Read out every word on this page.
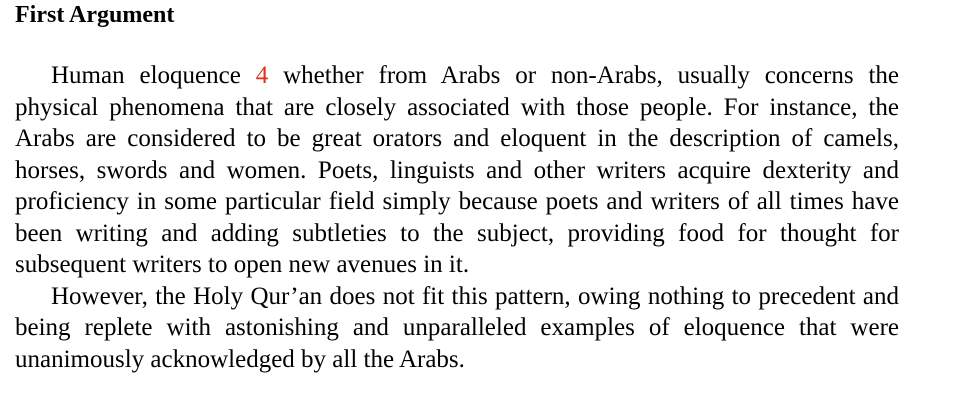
First Argument

Human eloquence 4 whether from Arabs or non-Arabs, usually concerns the physical phenomena that are closely associated with those people. For instance, the Arabs are considered to be great orators and eloquent in the description of camels, horses, swords and women. Poets, linguists and other writers acquire dexterity and proficiency in some particular field simply because poets and writers of all times have been writing and adding subtleties to the subject, providing food for thought for subsequent writers to open new avenues in it.

However, the Holy Qur’an does not fit this pattern, owing nothing to precedent and being replete with astonishing and unparalleled examples of eloquence that were unanimously acknowledged by all the Arabs.
